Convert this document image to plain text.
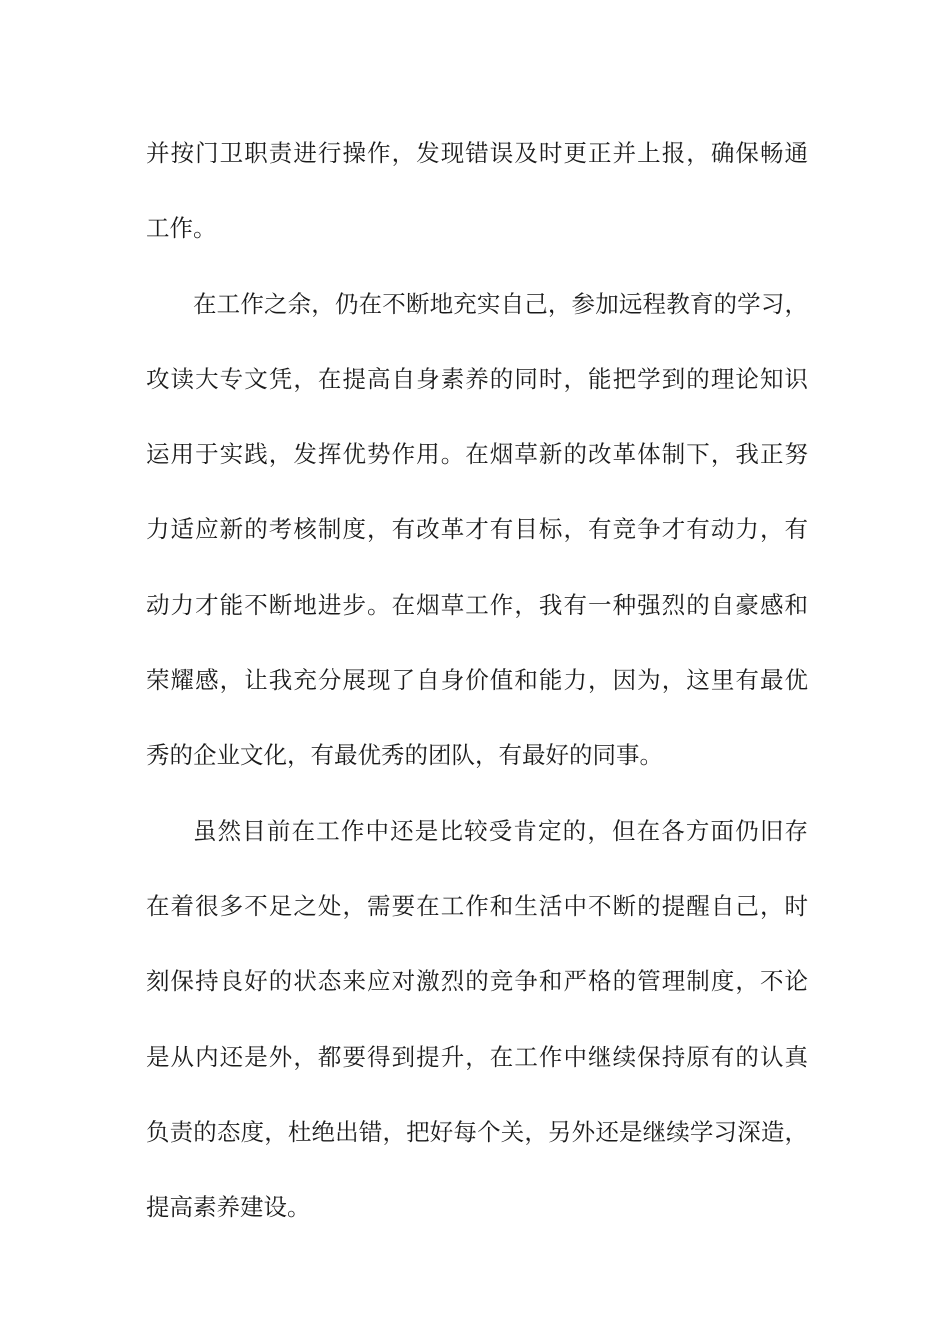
并按门卫职责进行操作，发现错误及时更正并上报，确保畅通
工作。
在工作之余，仍在不断地充实自己，参加远程教育的学习，
攻读大专文凭，在提高自身素养的同时，能把学到的理论知识
运用于实践，发挥优势作用。在烟草新的改革体制下，我正努
力适应新的考核制度，有改革才有目标，有竞争才有动力，有
动力才能不断地进步。在烟草工作，我有一种强烈的自豪感和
荣耀感，让我充分展现了自身价值和能力，因为，这里有最优
秀的企业文化，有最优秀的团队，有最好的同事。
虽然目前在工作中还是比较受肯定的，但在各方面仍旧存
在着很多不足之处，需要在工作和生活中不断的提醒自己，时
刻保持良好的状态来应对激烈的竞争和严格的管理制度，不论
是从内还是外，都要得到提升，在工作中继续保持原有的认真
负责的态度，杜绝出错，把好每个关，另外还是继续学习深造，
提高素养建设。
